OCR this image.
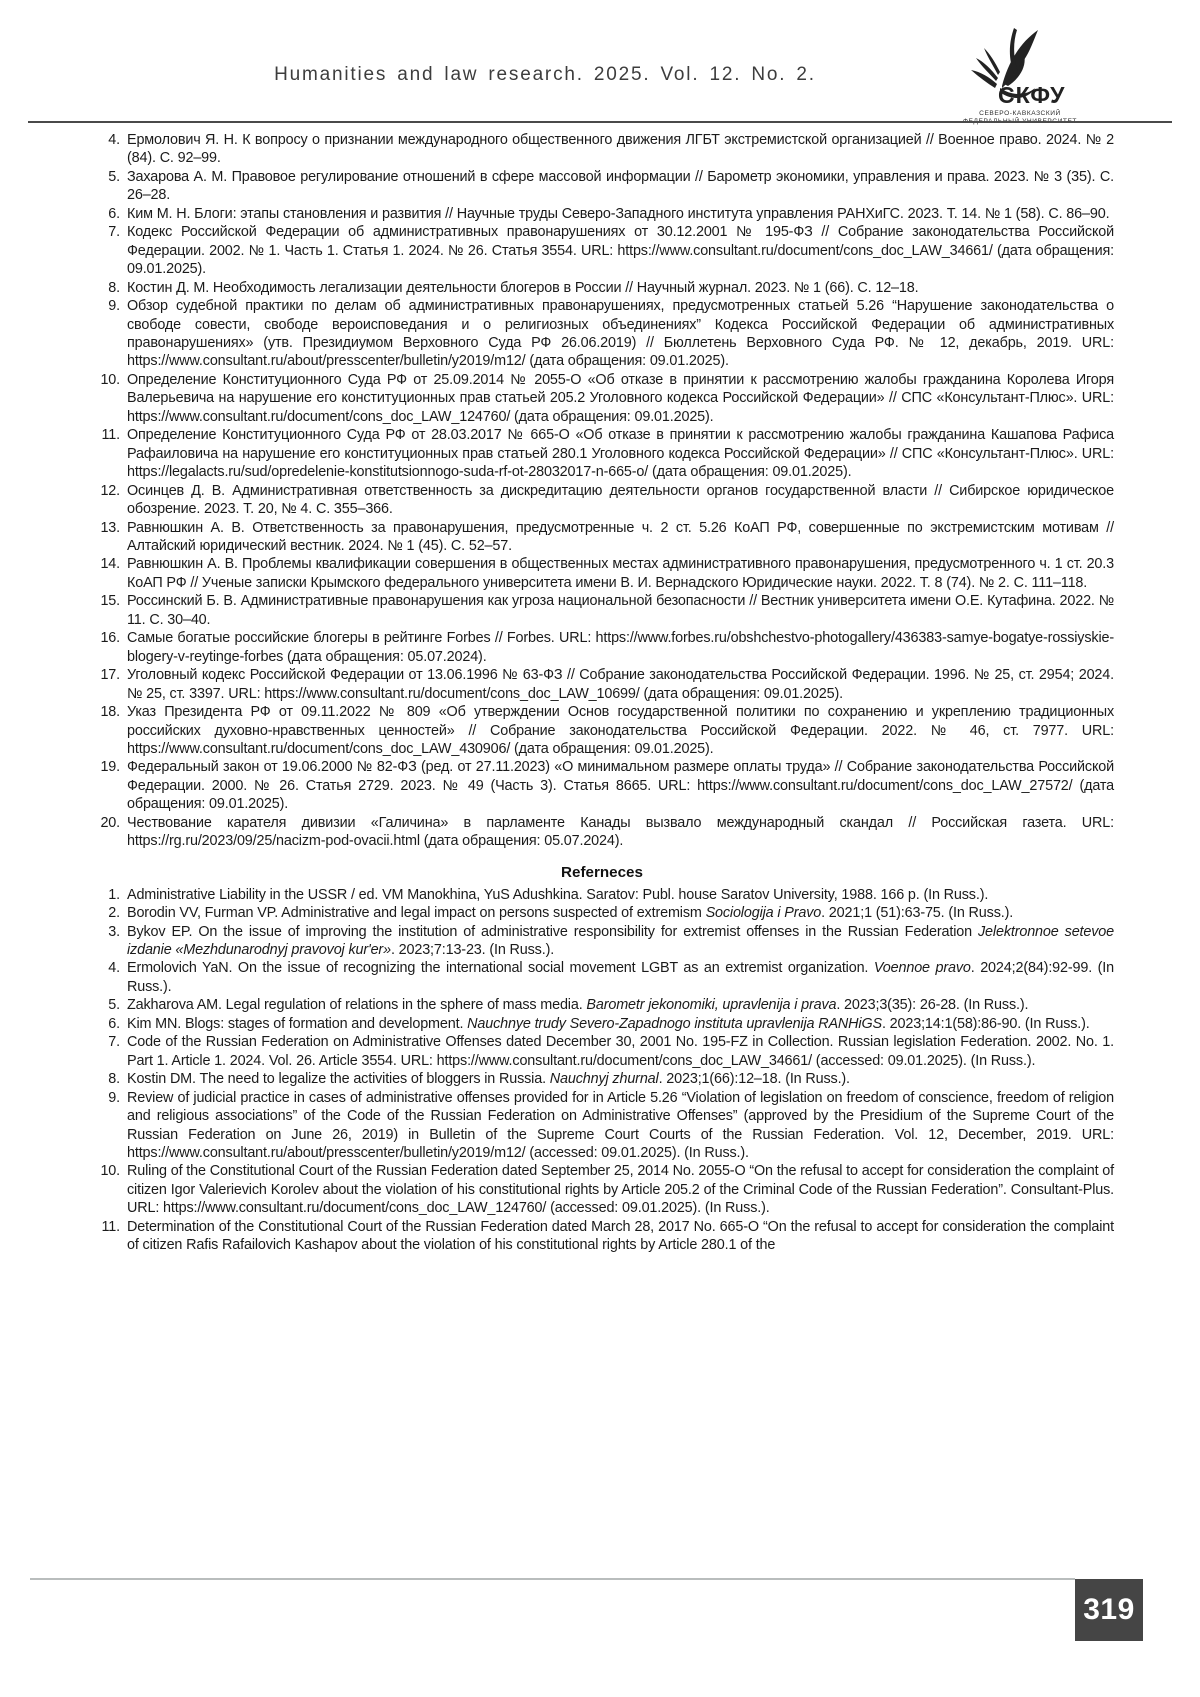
Humanities and law research. 2025. Vol. 12. No. 2.
СКФУ
СЕВЕРО-КАВКАЗСКИЙ
4. Ермолович Я. Н. К вопросу о признании международного общественного движения ЛГБТ экстремистской организацией // Военное право. 2024. № 2 (84). С. 92–99.
5. Захарова А. М. Правовое регулирование отношений в сфере массовой информации // Барометр экономики, управления и права. 2023. № 3 (35). С. 26–28.
6. Ким М. Н. Блоги: этапы становления и развития // Научные труды Северо-Западного института управления РАНХиГС. 2023. Т. 14. № 1 (58). С. 86–90.
7. Кодекс Российской Федерации об административных правонарушениях от 30.12.2001 № 195-ФЗ // Собрание законодательства Российской Федерации. 2002. № 1. Часть 1. Статья 1. 2024. № 26. Статья 3554. URL: https://www.consultant.ru/document/cons_doc_LAW_34661/ (дата обращения: 09.01.2025).
8. Костин Д. М. Необходимость легализации деятельности блогеров в России // Научный журнал. 2023. № 1 (66). С. 12–18.
9. Обзор судебной практики по делам об административных правонарушениях, предусмотренных статьей 5.26 “Нарушение законодательства о свободе совести, свободе вероисповедания и о религиозных объединениях” Кодекса Российской Федерации об административных правонарушениях» (утв. Президиумом Верховного Суда РФ 26.06.2019) // Бюллетень Верховного Суда РФ. № 12, декабрь, 2019. URL: https://www.consultant.ru/about/presscenter/bulletin/y2019/m12/ (дата обращения: 09.01.2025).
10. Определение Конституционного Суда РФ от 25.09.2014 № 2055-О «Об отказе в принятии к рассмотрению жалобы гражданина Королева Игоря Валерьевича на нарушение его конституционных прав статьей 205.2 Уголовного кодекса Российской Федерации» // СПС «Консультант-Плюс». URL: https://www.consultant.ru/document/cons_doc_LAW_124760/ (дата обращения: 09.01.2025).
11. Определение Конституционного Суда РФ от 28.03.2017 № 665-О «Об отказе в принятии к рассмотрению жалобы гражданина Кашапова Рафиса Рафаиловича на нарушение его конституционных прав статьей 280.1 Уголовного кодекса Российской Федерации» // СПС «Консультант-Плюс». URL: https://legalacts.ru/sud/opredelenie-konstitutsionnogo-suda-rf-ot-28032017-n-665-o/ (дата обращения: 09.01.2025).
12. Осинцев Д. В. Административная ответственность за дискредитацию деятельности органов государственной власти // Сибирское юридическое обозрение. 2023. Т. 20, № 4. С. 355–366.
13. Равнюшкин А. В. Ответственность за правонарушения, предусмотренные ч. 2 ст. 5.26 КоАП РФ, совершенные по экстремистским мотивам // Алтайский юридический вестник. 2024. № 1 (45). С. 52–57.
14. Равнюшкин А. В. Проблемы квалификации совершения в общественных местах административного правонарушения, предусмотренного ч. 1 ст. 20.3 КоАП РФ // Ученые записки Крымского федерального университета имени В. И. Вернадского Юридические науки. 2022. Т. 8 (74). № 2. С. 111–118.
15. Россинский Б. В. Административные правонарушения как угроза национальной безопасности // Вестник университета имени О.Е. Кутафина. 2022. № 11. С. 30–40.
16. Самые богатые российские блогеры в рейтинге Forbes // Forbes. URL: https://www.forbes.ru/obshchestvo-photogallery/436383-samye-bogatye-rossiyskie-blogery-v-reytinge-forbes (дата обращения: 05.07.2024).
17. Уголовный кодекс Российской Федерации от 13.06.1996 № 63-ФЗ // Собрание законодательства Российской Федерации. 1996. № 25, ст. 2954; 2024. № 25, ст. 3397. URL: https://www.consultant.ru/document/cons_doc_LAW_10699/ (дата обращения: 09.01.2025).
18. Указ Президента РФ от 09.11.2022 № 809 «Об утверждении Основ государственной политики по сохранению и укреплению традиционных российских духовно-нравственных ценностей» // Собрание законодательства Российской Федерации. 2022. № 46, ст. 7977. URL: https://www.consultant.ru/document/cons_doc_LAW_430906/ (дата обращения: 09.01.2025).
19. Федеральный закон от 19.06.2000 № 82-ФЗ (ред. от 27.11.2023) «О минимальном размере оплаты труда» // Собрание законодательства Российской Федерации. 2000. № 26. Статья 2729. 2023. № 49 (Часть 3). Статья 8665. URL: https://www.consultant.ru/document/cons_doc_LAW_27572/ (дата обращения: 09.01.2025).
20. Чествование карателя дивизии «Галичина» в парламенте Канады вызвало международный скандал // Российская газета. URL: https://rg.ru/2023/09/25/nacizm-pod-ovacii.html (дата обращения: 05.07.2024).
Referneces
1. Administrative Liability in the USSR / ed. VM Manokhina, YuS Adushkina. Saratov: Publ. house Saratov University, 1988. 166 p. (In Russ.).
2. Borodin VV, Furman VP. Administrative and legal impact on persons suspected of extremism Sociologija i Pravo. 2021;1 (51):63-75. (In Russ.).
3. Bykov EP. On the issue of improving the institution of administrative responsibility for extremist offenses in the Russian Federation Jelektronnoe setevoe izdanie «Mezhdunarodnyj pravovoj kur'er». 2023;7:13-23. (In Russ.).
4. Ermolovich YaN. On the issue of recognizing the international social movement LGBT as an extremist organization. Voennoe pravo. 2024;2(84):92-99. (In Russ.).
5. Zakharova AM. Legal regulation of relations in the sphere of mass media. Barometr jekonomiki, upravlenija i prava. 2023;3(35): 26-28. (In Russ.).
6. Kim MN. Blogs: stages of formation and development. Nauchnye trudy Severo-Zapadnogo instituta upravlenija RANHiGS. 2023;14:1(58):86-90. (In Russ.).
7. Code of the Russian Federation on Administrative Offenses dated December 30, 2001 No. 195-FZ in Collection. Russian legislation Federation. 2002. No. 1. Part 1. Article 1. 2024. Vol. 26. Article 3554. URL: https://www.consultant.ru/document/cons_doc_LAW_34661/ (accessed: 09.01.2025). (In Russ.).
8. Kostin DM. The need to legalize the activities of bloggers in Russia. Nauchnyj zhurnal. 2023;1(66):12–18. (In Russ.).
9. Review of judicial practice in cases of administrative offenses provided for in Article 5.26 “Violation of legislation on freedom of conscience, freedom of religion and religious associations” of the Code of the Russian Federation on Administrative Offenses” (approved by the Presidium of the Supreme Court of the Russian Federation on June 26, 2019) in Bulletin of the Supreme Court Courts of the Russian Federation. Vol. 12, December, 2019. URL: https://www.consultant.ru/about/presscenter/bulletin/y2019/m12/ (accessed: 09.01.2025). (In Russ.).
10. Ruling of the Constitutional Court of the Russian Federation dated September 25, 2014 No. 2055-O “On the refusal to accept for consideration the complaint of citizen Igor Valerievich Korolev about the violation of his constitutional rights by Article 205.2 of the Criminal Code of the Russian Federation”. Consultant-Plus. URL: https://www.consultant.ru/document/cons_doc_LAW_124760/ (accessed: 09.01.2025). (In Russ.).
11. Determination of the Constitutional Court of the Russian Federation dated March 28, 2017 No. 665-O “On the refusal to accept for consideration the complaint of citizen Rafis Rafailovich Kashapov about the violation of his constitutional rights by Article 280.1 of the
319
